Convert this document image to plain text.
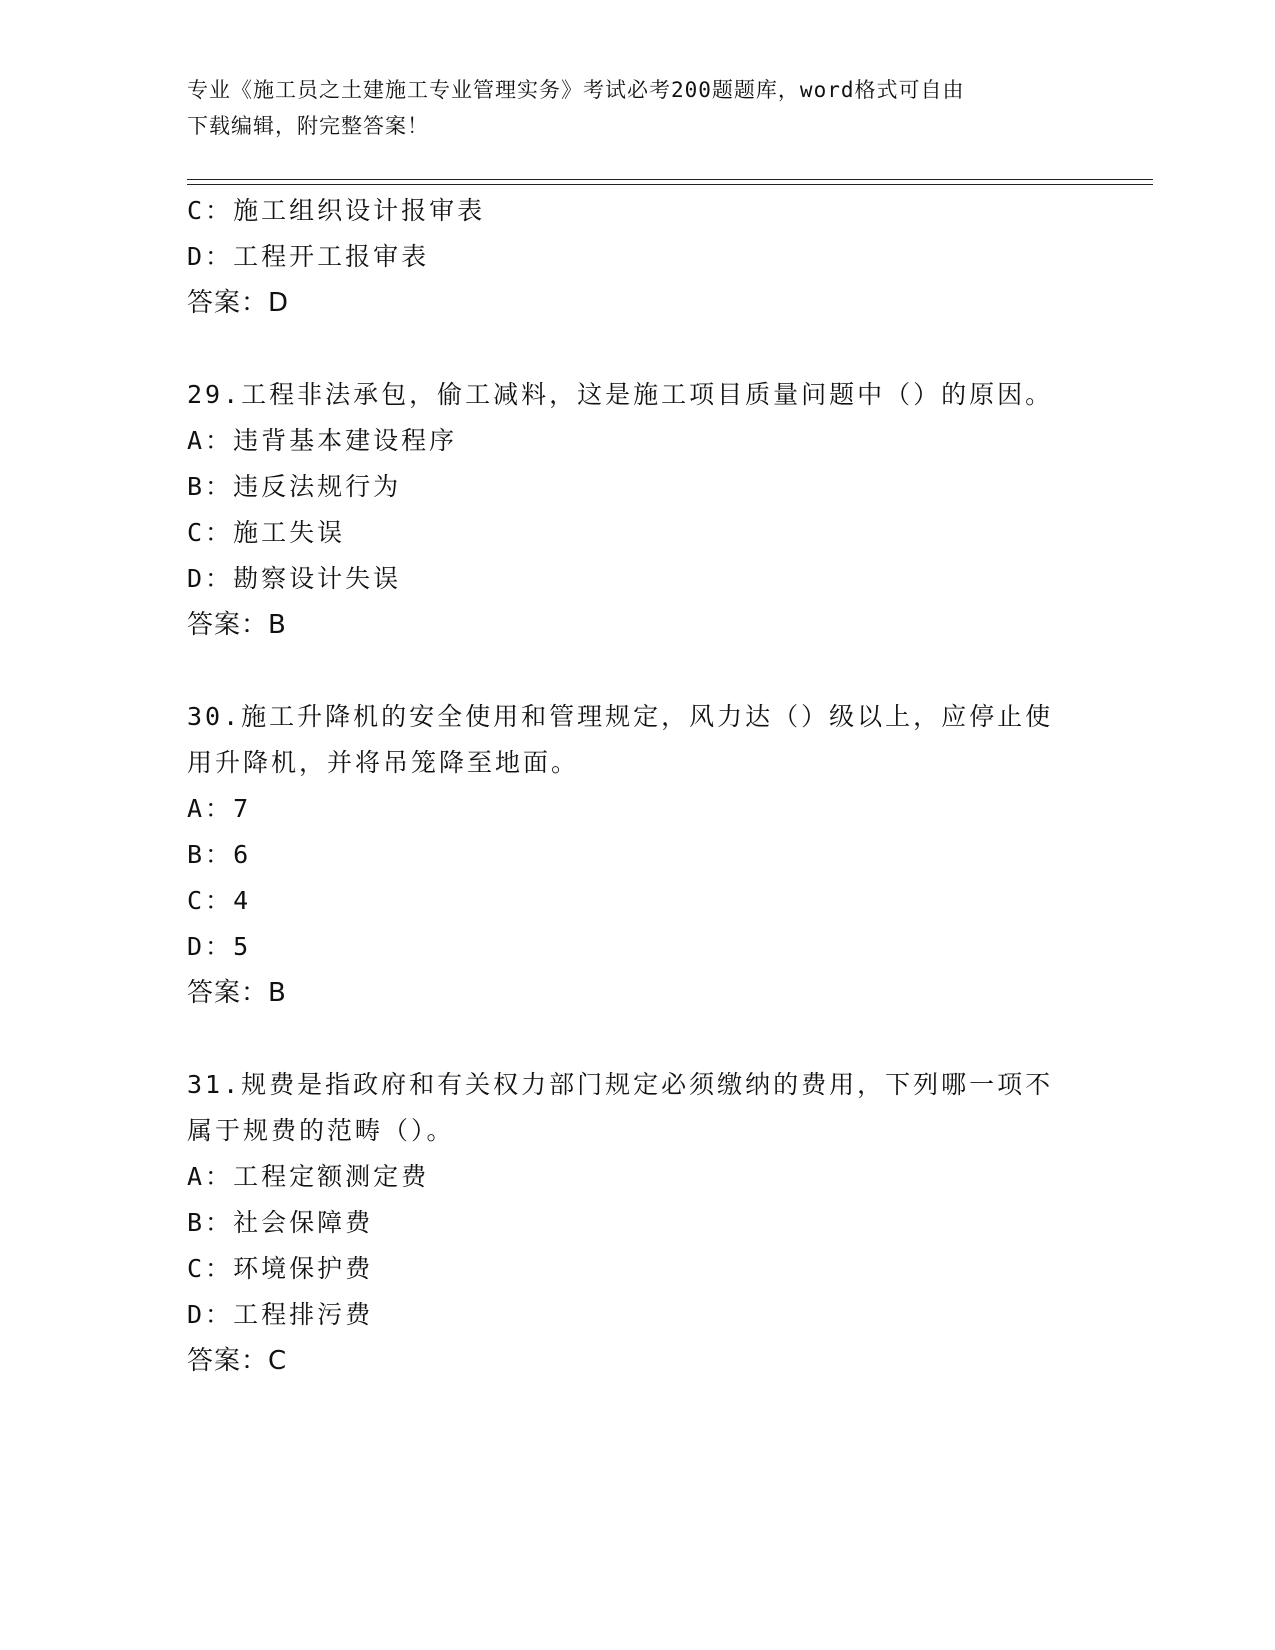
专业《施工员之土建施工专业管理实务》考试必考200题题库，word格式可自由
下载编辑，附完整答案！
C：施工组织设计报审表
D：工程开工报审表
答案：D
29.工程非法承包，偷工减料，这是施工项目质量问题中（）的原因。
A：违背基本建设程序
B：违反法规行为
C：施工失误
D：勘察设计失误
答案：B
30.施工升降机的安全使用和管理规定，风力达（）级以上，应停止使
用升降机，并将吊笼降至地面。
A：7
B：6
C：4
D：5
答案：B
31.规费是指政府和有关权力部门规定必须缴纳的费用，下列哪一项不
属于规费的范畴（）。
A：工程定额测定费
B：社会保障费
C：环境保护费
D：工程排污费
答案：C
